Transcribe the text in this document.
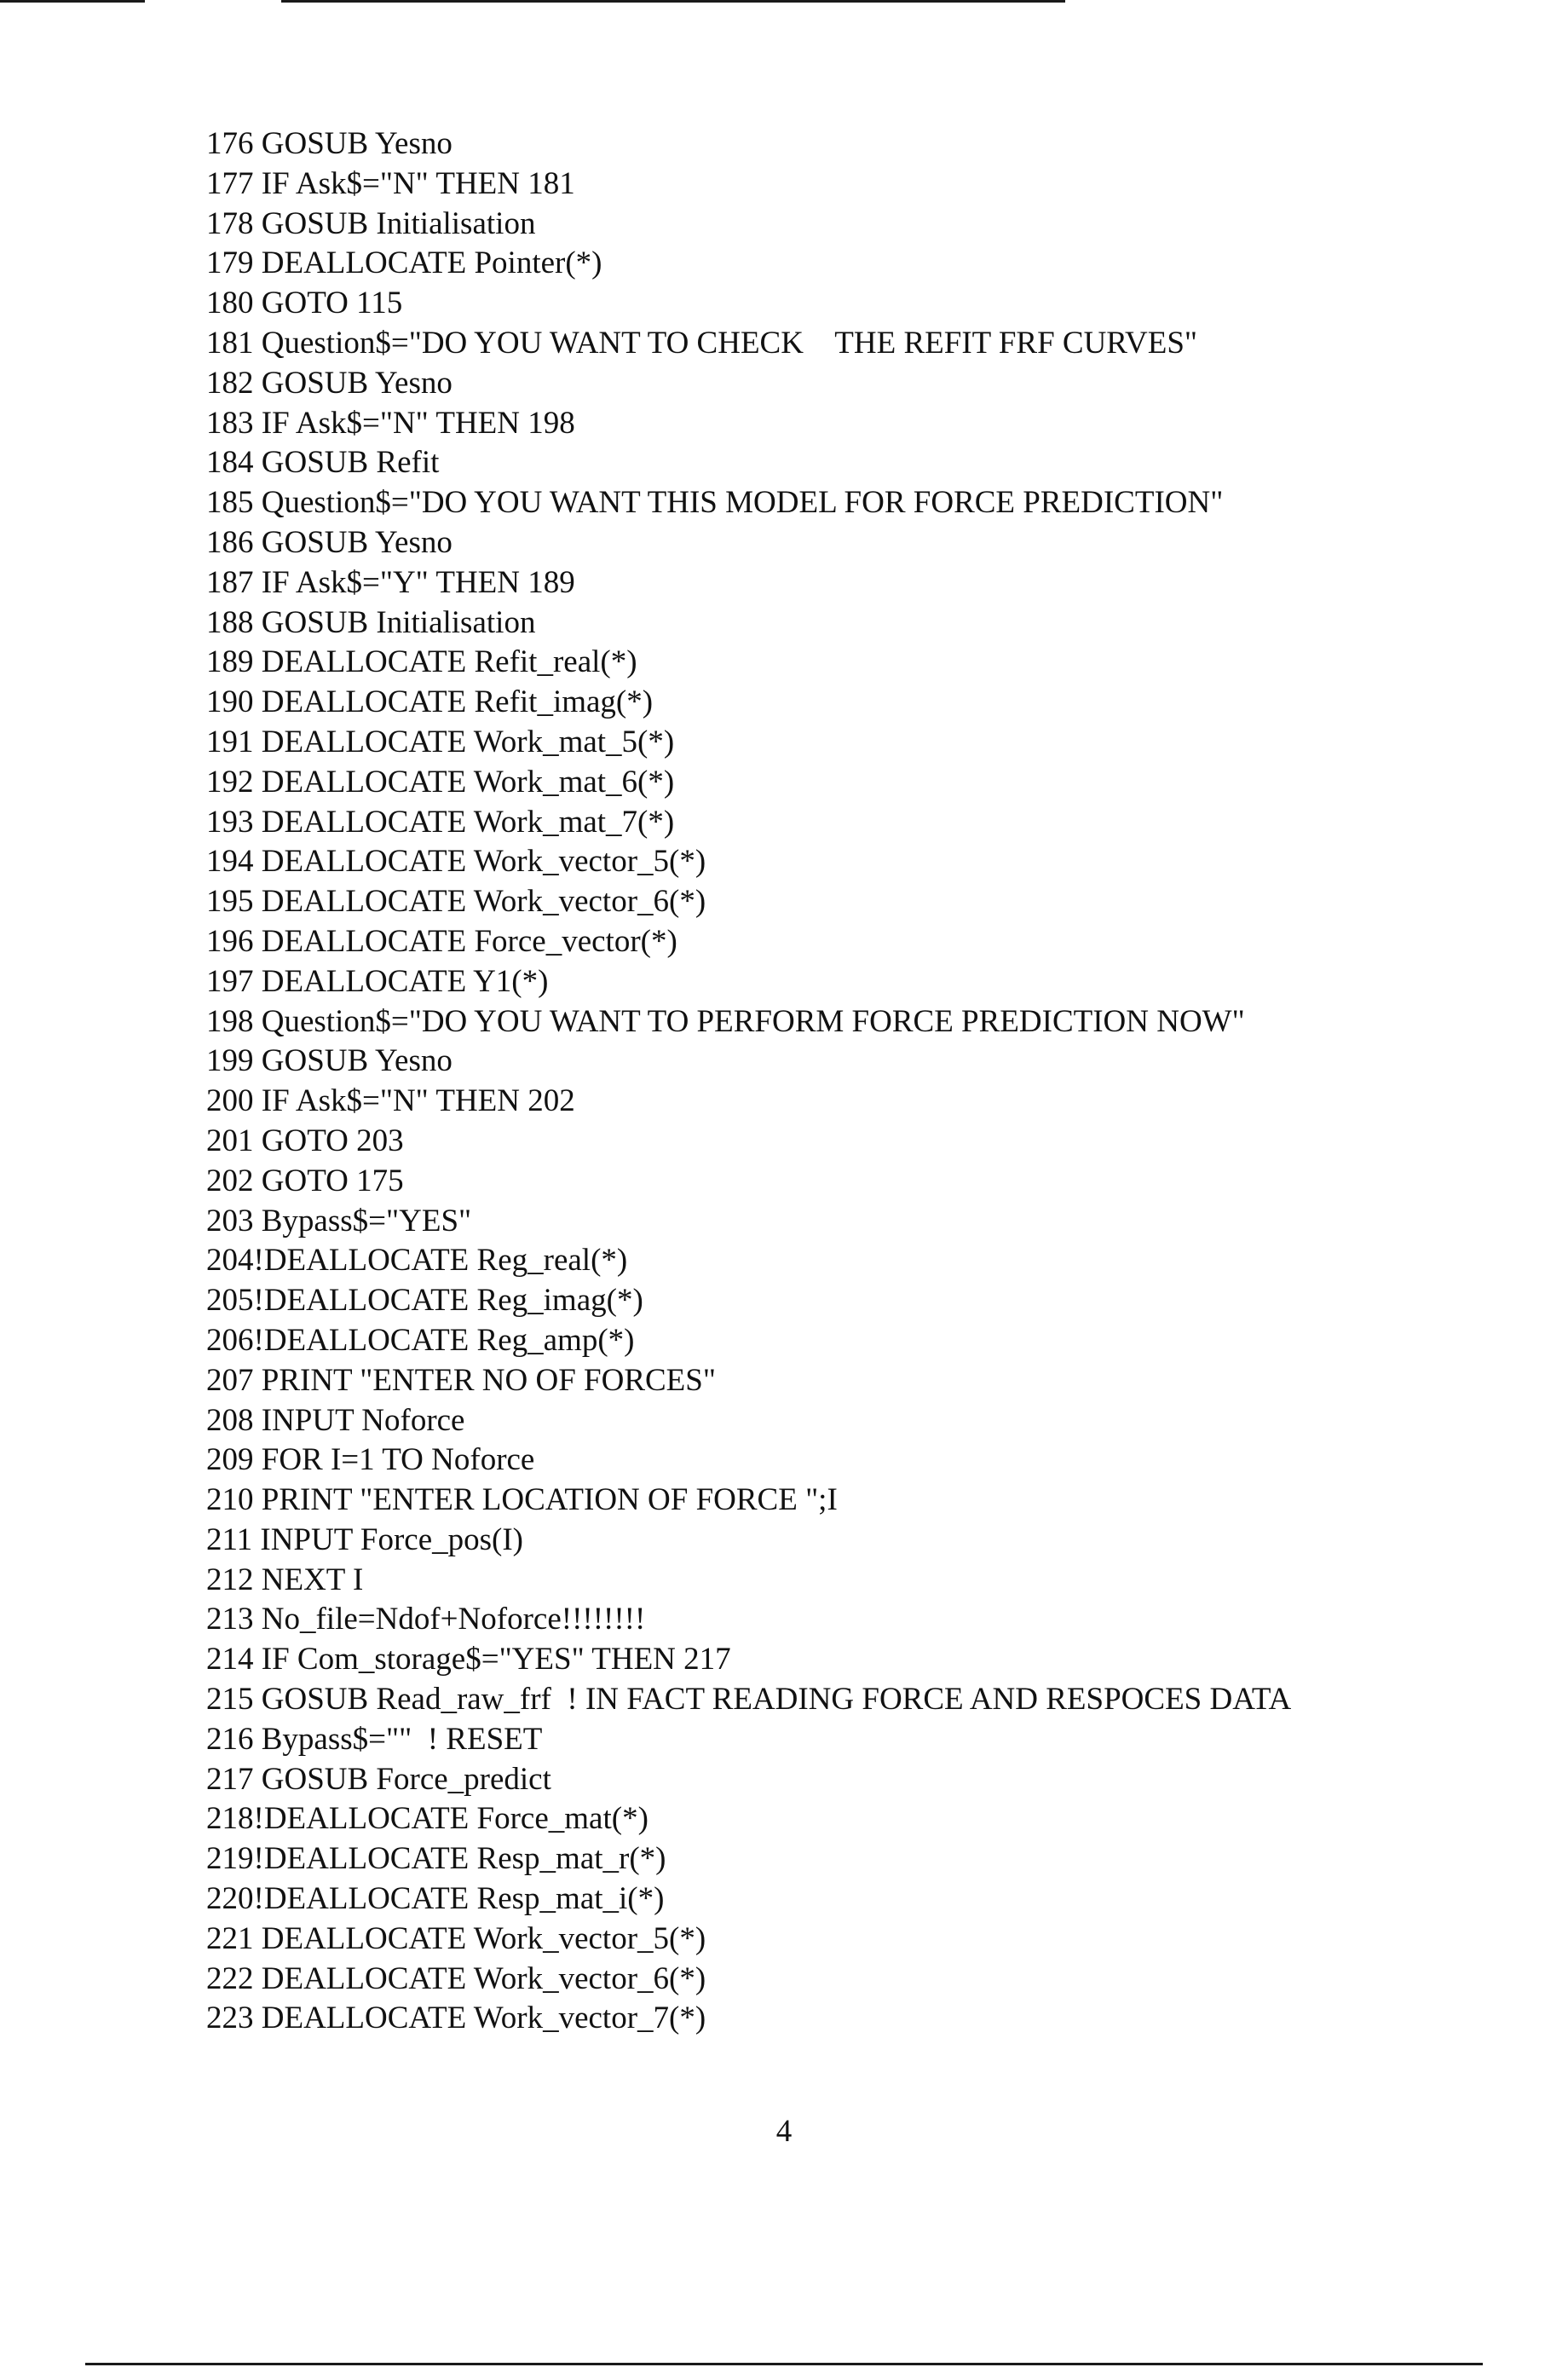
176 GOSUB Yesno
177 IF Ask$="N" THEN 181
178 GOSUB Initialisation
179 DEALLOCATE Pointer(*)
180 GOTO 115
181 Question$="DO YOU WANT TO CHECK    THE REFIT FRF CURVES"
182 GOSUB Yesno
183 IF Ask$="N" THEN 198
184 GOSUB Refit
185 Question$="DO YOU WANT THIS MODEL FOR FORCE PREDICTION"
186 GOSUB Yesno
187 IF Ask$="Y" THEN 189
188 GOSUB Initialisation
189 DEALLOCATE Refit_real(*)
190 DEALLOCATE Refit_imag(*)
191 DEALLOCATE Work_mat_5(*)
192 DEALLOCATE Work_mat_6(*)
193 DEALLOCATE Work_mat_7(*)
194 DEALLOCATE Work_vector_5(*)
195 DEALLOCATE Work_vector_6(*)
196 DEALLOCATE Force_vector(*)
197 DEALLOCATE Y1(*)
198 Question$="DO YOU WANT TO PERFORM FORCE PREDICTION NOW"
199 GOSUB Yesno
200 IF Ask$="N" THEN 202
201 GOTO 203
202 GOTO 175
203 Bypass$="YES"
204!DEALLOCATE Reg_real(*)
205!DEALLOCATE Reg_imag(*)
206!DEALLOCATE Reg_amp(*)
207 PRINT "ENTER NO OF FORCES"
208 INPUT Noforce
209 FOR I=1 TO Noforce
210 PRINT "ENTER LOCATION OF FORCE ";I
211 INPUT Force_pos(I)
212 NEXT I
213 No_file=Ndof+Noforce!!!!!!!!
214 IF Com_storage$="YES" THEN 217
215 GOSUB Read_raw_frf  ! IN FACT READING FORCE AND RESPOCES DATA
216 Bypass$=""  ! RESET
217 GOSUB Force_predict
218!DEALLOCATE Force_mat(*)
219!DEALLOCATE Resp_mat_r(*)
220!DEALLOCATE Resp_mat_i(*)
221 DEALLOCATE Work_vector_5(*)
222 DEALLOCATE Work_vector_6(*)
223 DEALLOCATE Work_vector_7(*)
4
